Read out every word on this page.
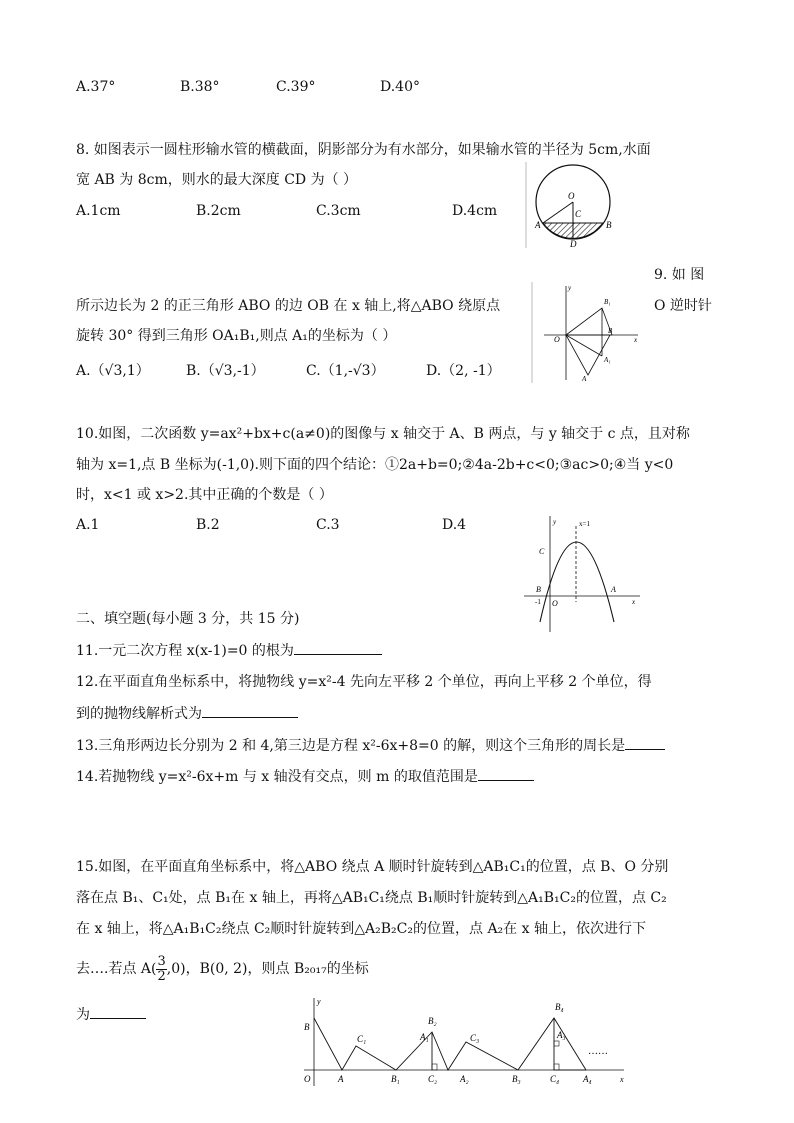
A.37°	B.38°	C.39°	D.40°
8. 如图表示一圆柱形输水管的横截面，阴影部分为有水部分，如果输水管的半径为 5cm,水面
宽 AB 为 8cm，则水的最大深度 CD 为（ ）
A.1cm	B.2cm	C.3cm	D.4cm
O
C
A	B
D
9. 如 图
所示边长为 2 的正三角形 ABO 的边 OB 在 x 轴上,将△ABO 绕原点	O 逆时针
旋转 30° 得到三角形 OA₁B₁,则点 A₁的坐标为（ ）
A.（√3,1）	B.（√3,-1）	C.（1,-√3）	D.（2, -1）
y
x
O
B₁
B
A₁
A
10.如图，二次函数 y=ax²+bx+c(a≠0)的图像与 x 轴交于 A、B 两点，与 y 轴交于 c 点，且对称
轴为 x=1,点 B 坐标为(-1,0).则下面的四个结论：①2a+b=0;②4a-2b+c<0;③ac>0;④当 y<0
时，x<1 或 x>2.其中正确的个数是（ ）
A.1	B.2	C.3	D.4	y	x=1
C
B
-1 O
A
x
二、填空题(每小题 3 分，共 15 分)
11.一元二次方程 x(x-1)=0 的根为
12.在平面直角坐标系中，将抛物线 y=x²-4 先向左平移 2 个单位，再向上平移 2 个单位，得
到的抛物线解析式为
13.三角形两边长分别为 2 和 4,第三边是方程 x²-6x+8=0 的解，则这个三角形的周长是
14.若抛物线 y=x²-6x+m 与 x 轴没有交点，则 m 的取值范围是
15.如图，在平面直角坐标系中，将△ABO 绕点 A 顺时针旋转到△AB₁C₁的位置，点 B、O 分别
落在点 B₁、C₁处，点 B₁在 x 轴上，再将△AB₁C₁绕点 B₁顺时针旋转到△A₁B₁C₂的位置，点 C₂
在 x 轴上，将△A₁B₁C₂绕点 C₂顺时针旋转到△A₂B₂C₂的位置，点 A₂在 x 轴上，依次进行下
去….若点 $A( \frac{3}{2} ,0)$，B(0, 2)，则点 B₂₀₁₇的坐标
为
y
B
O	A
C₁
B₁
B₂
A₁
C₂	A₂
C₃
B₃
B₄
A₃
C₄	A₄	x
……
